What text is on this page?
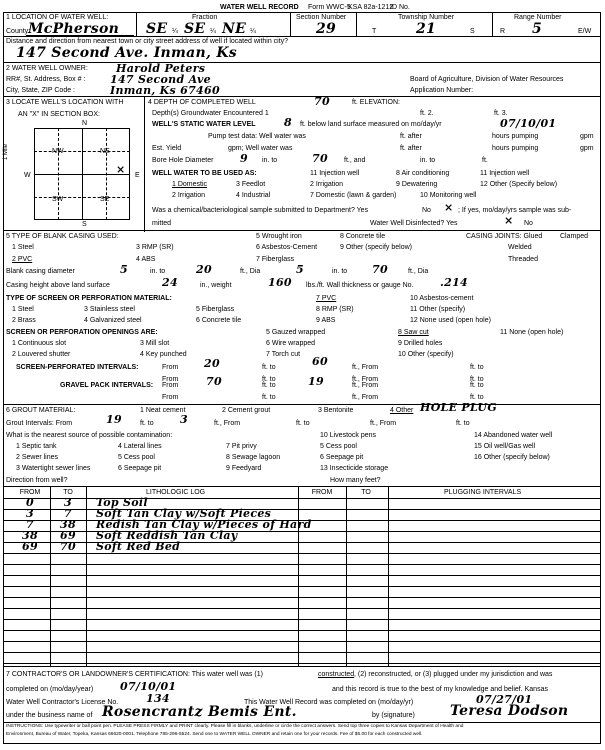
WATER WELL RECORD Form WWC-5
KSA 82a-1212
ID No.
1 LOCATION OF WATER WELL:
County:
McPherson
Fraction
SE ¼ SE ¼ NE ¼
Section Number
29
Township Number
T	21	S
Range Number
R 5	E/W
Distance and direction from nearest town or city street address of well if located within city?
147 Second Ave. Inman, Ks
2 WATER WELL OWNER:
RR#, St. Address, Box # :
City, State, ZIP Code :
Harold Peters
147 Second Ave
Inman, Ks 67460
Board of Agriculture, Division of Water Resources
Application Number:
3 LOCATE WELL'S LOCATION WITH
AN "X" IN SECTION BOX:
N
S
W	E
1 Mile	NW	NE
SW	SE
×
4 DEPTH OF COMPLETED WELL	70	ft. ELEVATION:
Depth(s) Groundwater Encountered 1	ft. 2.	ft. 3.
WELL'S STATIC WATER LEVEL	8 ft. below land surface measured on mo/day/yr	07/10/01
Pump test data: Well water was	ft. after	hours pumping	gpm
Est. Yield	gpm; Well water was	ft. after	hours pumping	gpm
Bore Hole Diameter 9 in. to	70 ft., and	in. to	ft.
WELL WATER TO BE USED AS:	11 Injection well	8 Air conditioning	11 Injection well
1 Domestic	3 Feedlot	2 Irrigation	9 Dewatering	12 Other (Specify below)
2 Irrigation	4 Industrial	7 Domestic (lawn & garden)	10 Monitoring well
Was a chemical/bacteriological sample submitted to Department? Yes	No × ; If yes, mo/day/yrs sample was sub-
mitted	Water Well Disinfected? Yes	× No
5 TYPE OF BLANK CASING USED:	5 Wrought iron	8 Concrete tile	CASING JOINTS: Glued	Clamped
1 Steel	3 RMP (SR)	6 Asbestos-Cement	9 Other (specify below)	Welded
2 PVC	4 ABS	7 Fiberglass	Threaded
Blank casing diameter	5	in. to	20	ft., Dia	5	in. to 70	ft., Dia
Casing height above land surface	24	in., weight	160 lbs./ft. Wall thickness or gauge No. .214
TYPE OF SCREEN OR PERFORATION MATERIAL:	7 PVC	10 Asbestos-cement
1 Steel	3 Stainless steel	5 Fiberglass	8 RMP (SR)	11 Other (specify)
2 Brass	4 Galvanized steel	6 Concrete tile	9 ABS	12 None used (open hole)
SCREEN OR PERFORATION OPENINGS ARE:	5 Gauzed wrapped	8 Saw cut	11 None (open hole)
1 Continuous slot	3 Mill slot	6 Wire wrapped	9 Drilled holes
2 Louvered shutter	4 Key punched	7 Torch cut	10 Other (specify)
SCREEN-PERFORATED INTERVALS:	From 20	ft. to	60	ft., From	ft. to
From	ft. to	ft., From	ft. to
GRAVEL PACK INTERVALS: From	70	ft. to	19	ft., From	ft. to
From	ft. to	ft., From	ft. to
6 GROUT MATERIAL:	1 Neat cement	2 Cement grout	3 Bentonite	4 Other HOLE PLUG
Grout Intervals: From	19	ft. to 3	ft., From	ft. to	ft., From	ft. to
What is the nearest source of possible contamination:	10 Livestock pens	14 Abandoned water well
1 Septic tank	4 Lateral lines	7 Pit privy	5 Cess pool	15 Oil well/Gas well
2 Sewer lines	5 Cess pool	8 Sewage lagoon	6 Seepage pit	16 Other (specify below)
3 Watertight sewer lines	6 Seepage pit	9 Feedyard	13 Insecticide storage
Direction from well?	How many feet?
FROM	TO	LITHOLOGIC LOG	FROM	TO	PLUGGING INTERVALS
0	3	Top Soil
3	7	Soft Tan Clay w/Soft Pieces
7	38	Redish Tan Clay w/Pieces of Hard
38	69	Soft Reddish Tan Clay
69	70	Soft Red Bed
7 CONTRACTOR'S OR LANDOWNER'S CERTIFICATION: This water well was (1)	constructed , (2) reconstructed, or (3) plugged under my jurisdiction and was
completed on (mo/day/year) 07/10/01	and this record is true to the best of my knowledge and belief. Kansas
Water Well Contractor's License No.	134	This Water Well Record was completed on (mo/day/yr)	07/27/01
under the business name of Rosencrantz Bemis Ent.	by (signature)	Teresa Dodson
INSTRUCTIONS: Use typewriter or ball point pen. PLEASE PRESS FIRMLY and PRINT clearly. Please fill in blanks, underline or circle the correct answers. Send top three copies to Kansas Department of Health and
Environment, Bureau of Water, Topeka, Kansas 66620-0001. Telephone 785-296-5524. Send one to WATER WELL OWNER and retain one for your records. Fee of $5.00 for each constructed well.
